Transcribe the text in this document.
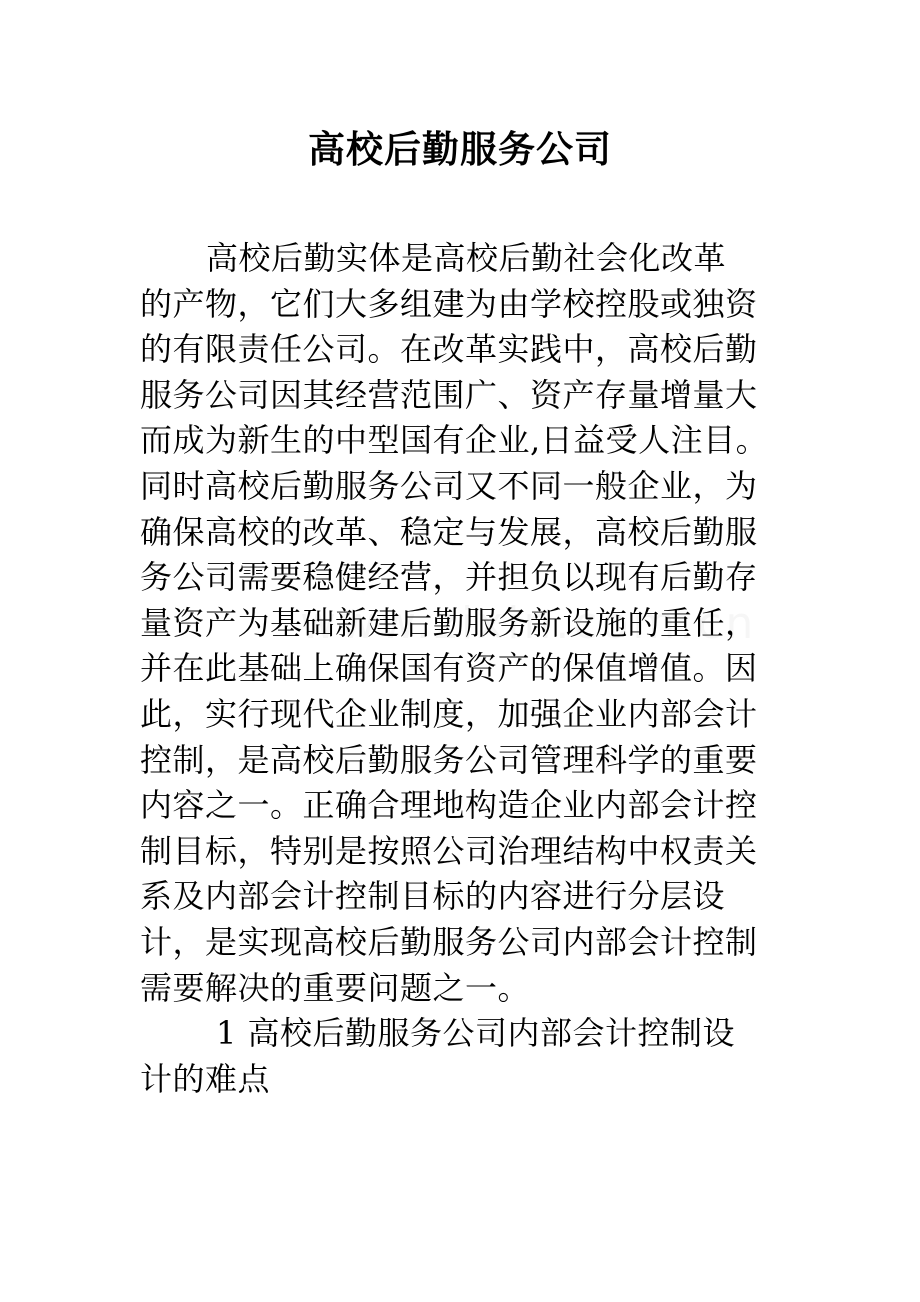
高校后勤服务公司
高校后勤实体是高校后勤社会化改革
的产物，它们大多组建为由学校控股或独资
的有限责任公司。在改革实践中，高校后勤
服务公司因其经营范围广、资产存量增量大
而成为新生的中型国有企业,日益受人注目。
同时高校后勤服务公司又不同一般企业，为
确保高校的改革、稳定与发展，高校后勤服
务公司需要稳健经营，并担负以现有后勤存
量资产为基础新建后勤服务新设施的重任，
并在此基础上确保国有资产的保值增值。因
此，实行现代企业制度，加强企业内部会计
控制，是高校后勤服务公司管理科学的重要
内容之一。正确合理地构造企业内部会计控
制目标，特别是按照公司治理结构中权责关
系及内部会计控制目标的内容进行分层设
计，是实现高校后勤服务公司内部会计控制
需要解决的重要问题之一。
1 高校后勤服务公司内部会计控制设
计的难点
